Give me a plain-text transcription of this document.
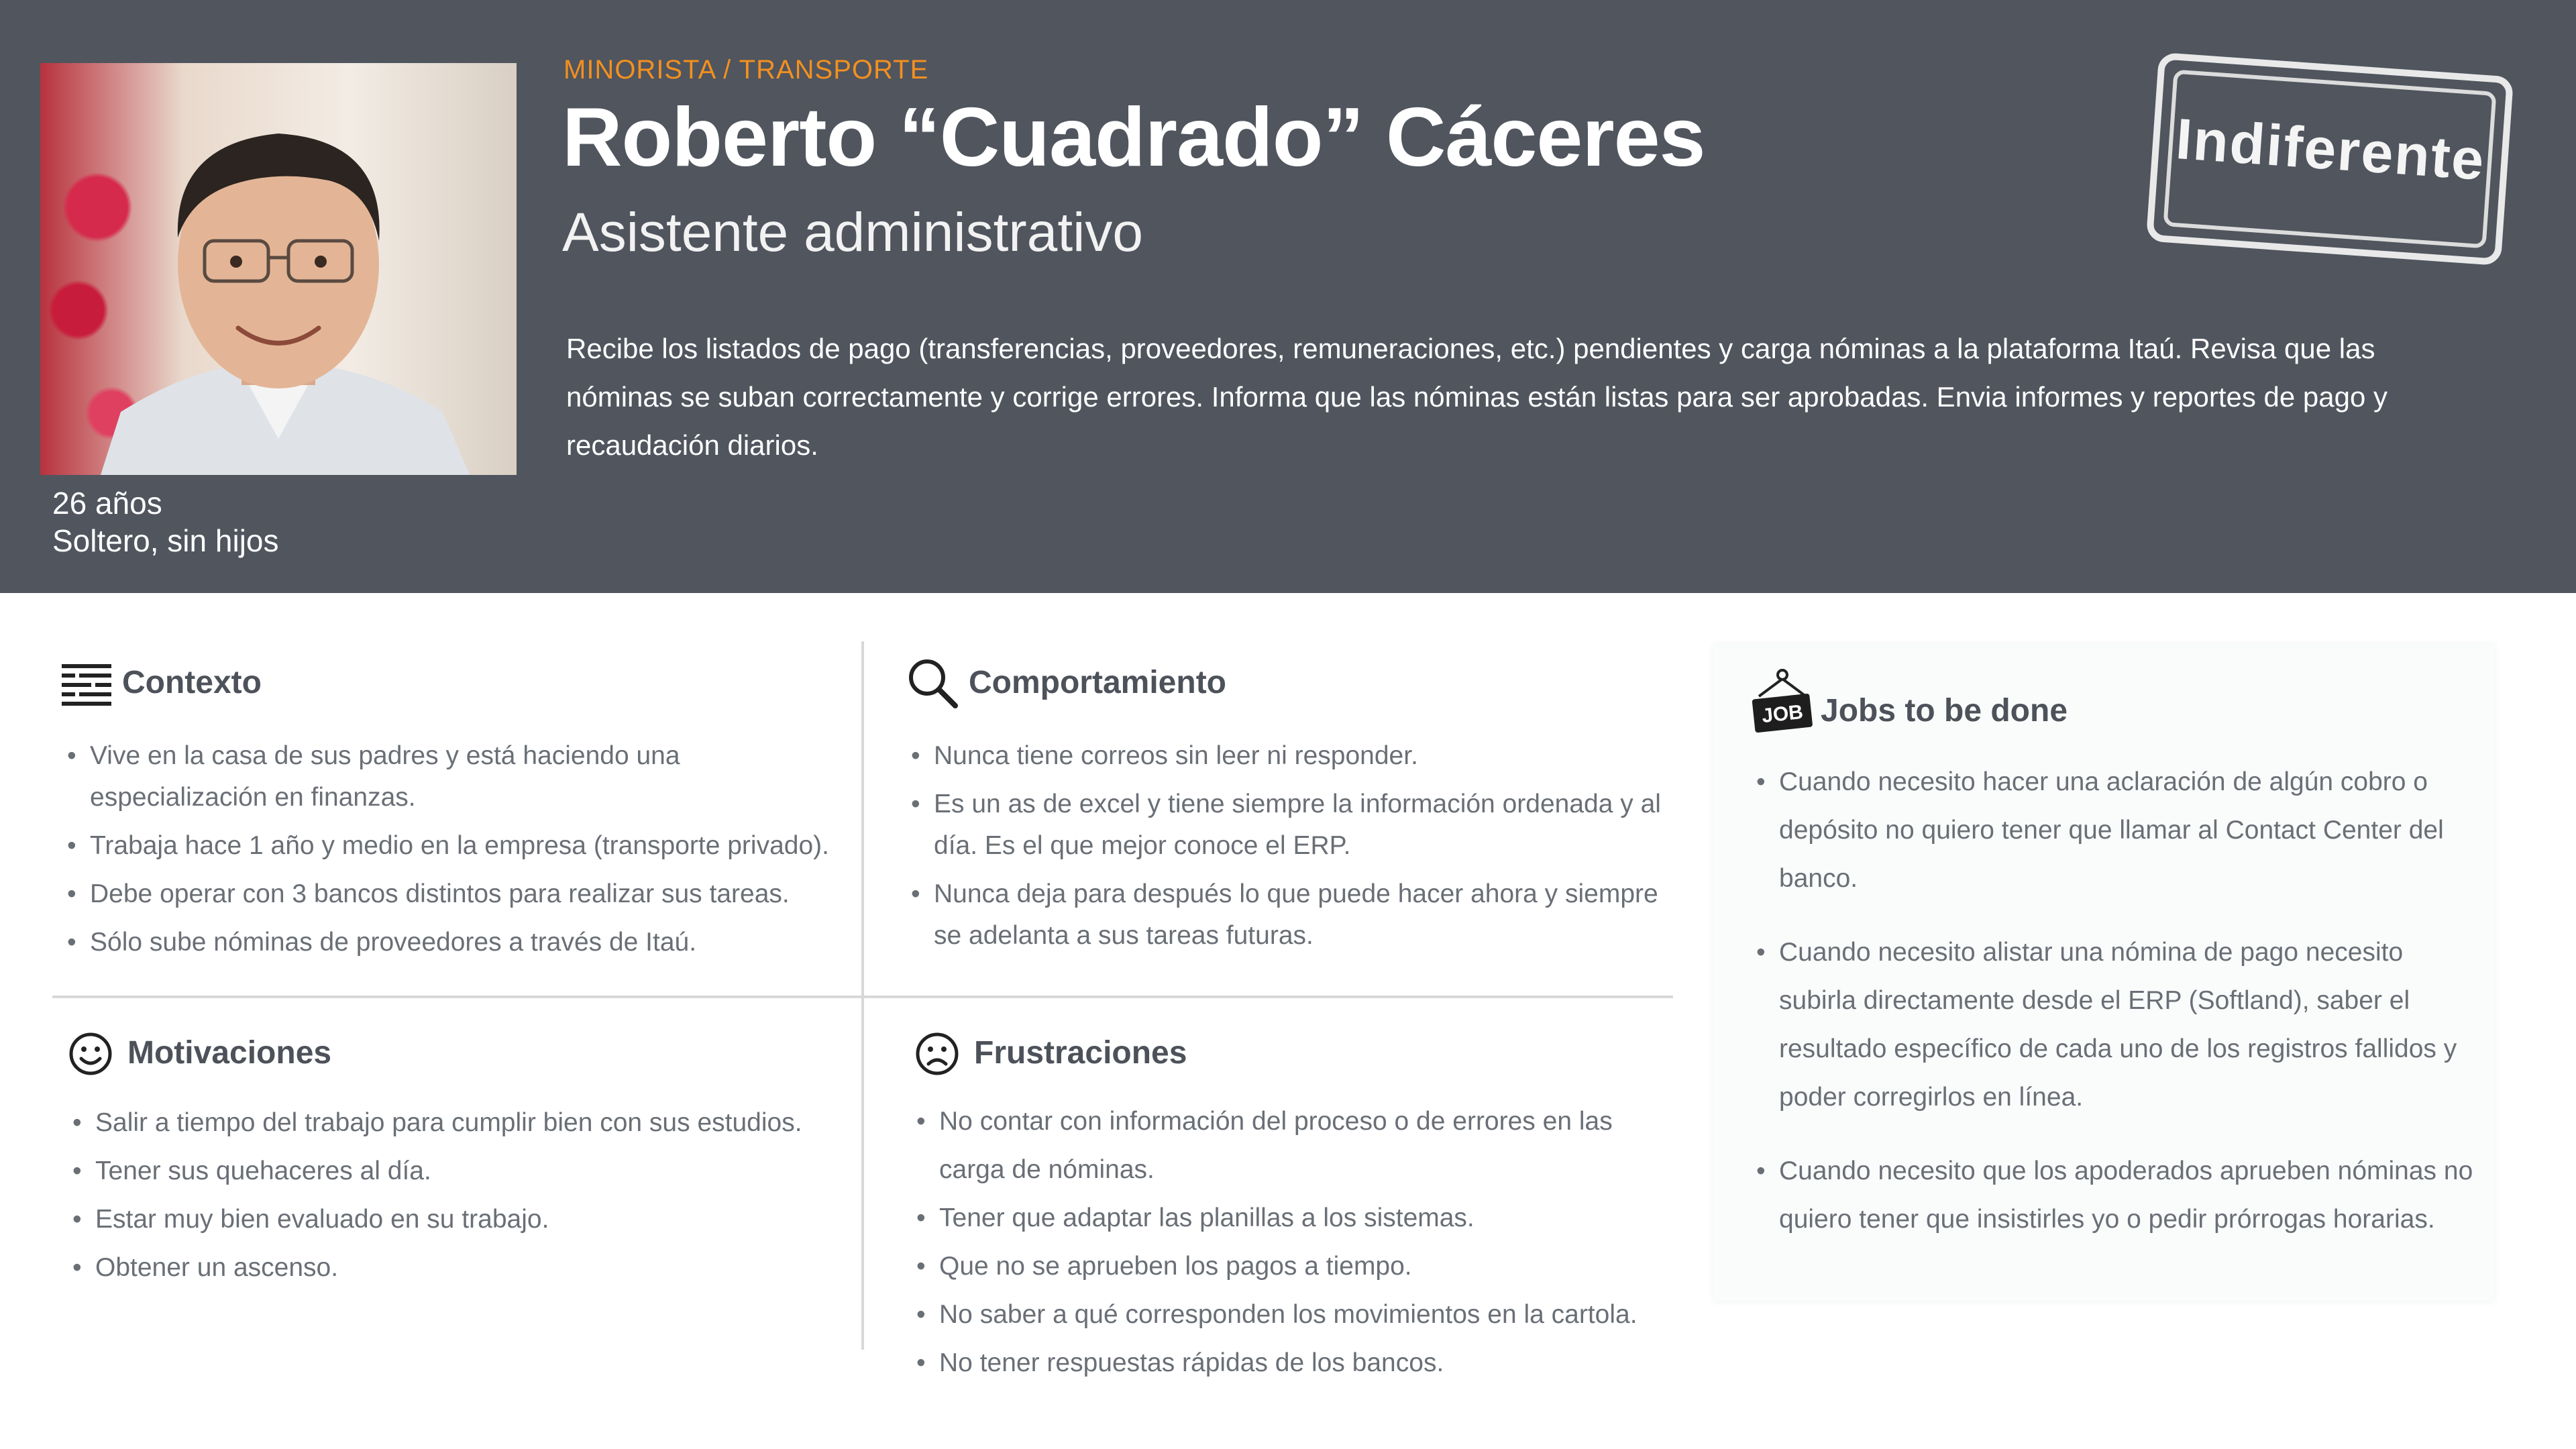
26 años
Soltero, sin hijos
MINORISTA / TRANSPORTE
Roberto “Cuadrado” Cáceres
Asistente administrativo
Recibe los listados de pago (transferencias, proveedores, remuneraciones, etc.) pendientes y carga nóminas a la plataforma Itaú. Revisa que las nóminas se suban correctamente y corrige errores. Informa que las nóminas están listas para ser aprobadas. Envia informes y reportes de pago y recaudación diarios.
Indiferente
Contexto
• Vive en la casa de sus padres y está haciendo una especialización en finanzas.
• Trabaja hace 1 año y medio en la empresa (transporte privado).
• Debe operar con 3 bancos distintos para realizar sus tareas.
• Sólo sube nóminas de proveedores a través de Itaú.
Comportamiento
• Nunca tiene correos sin leer ni responder.
• Es un as de excel y tiene siempre la información ordenada y al día. Es el que mejor conoce el ERP.
• Nunca deja para después lo que puede hacer ahora y siempre se adelanta a sus tareas futuras.
Motivaciones
• Salir a tiempo del trabajo para cumplir bien con sus estudios.
• Tener sus quehaceres al día.
• Estar muy bien evaluado en su trabajo.
• Obtener un ascenso.
Frustraciones
• No contar con información del proceso o de errores en las carga de nóminas.
• Tener que adaptar las planillas a los sistemas.
• Que no se aprueben los pagos a tiempo.
• No saber a qué corresponden los movimientos en la cartola.
• No tener respuestas rápidas de los bancos.
JOB Jobs to be done
• Cuando necesito hacer una aclaración de algún cobro o depósito no quiero tener que llamar al Contact Center del banco.
• Cuando necesito alistar una nómina de pago necesito subirla directamente desde el ERP (Softland), saber el resultado específico de cada uno de los registros fallidos y poder corregirlos en línea.
• Cuando necesito que los apoderados aprueben nóminas no quiero tener que insistirles yo o pedir prórrogas horarias.
